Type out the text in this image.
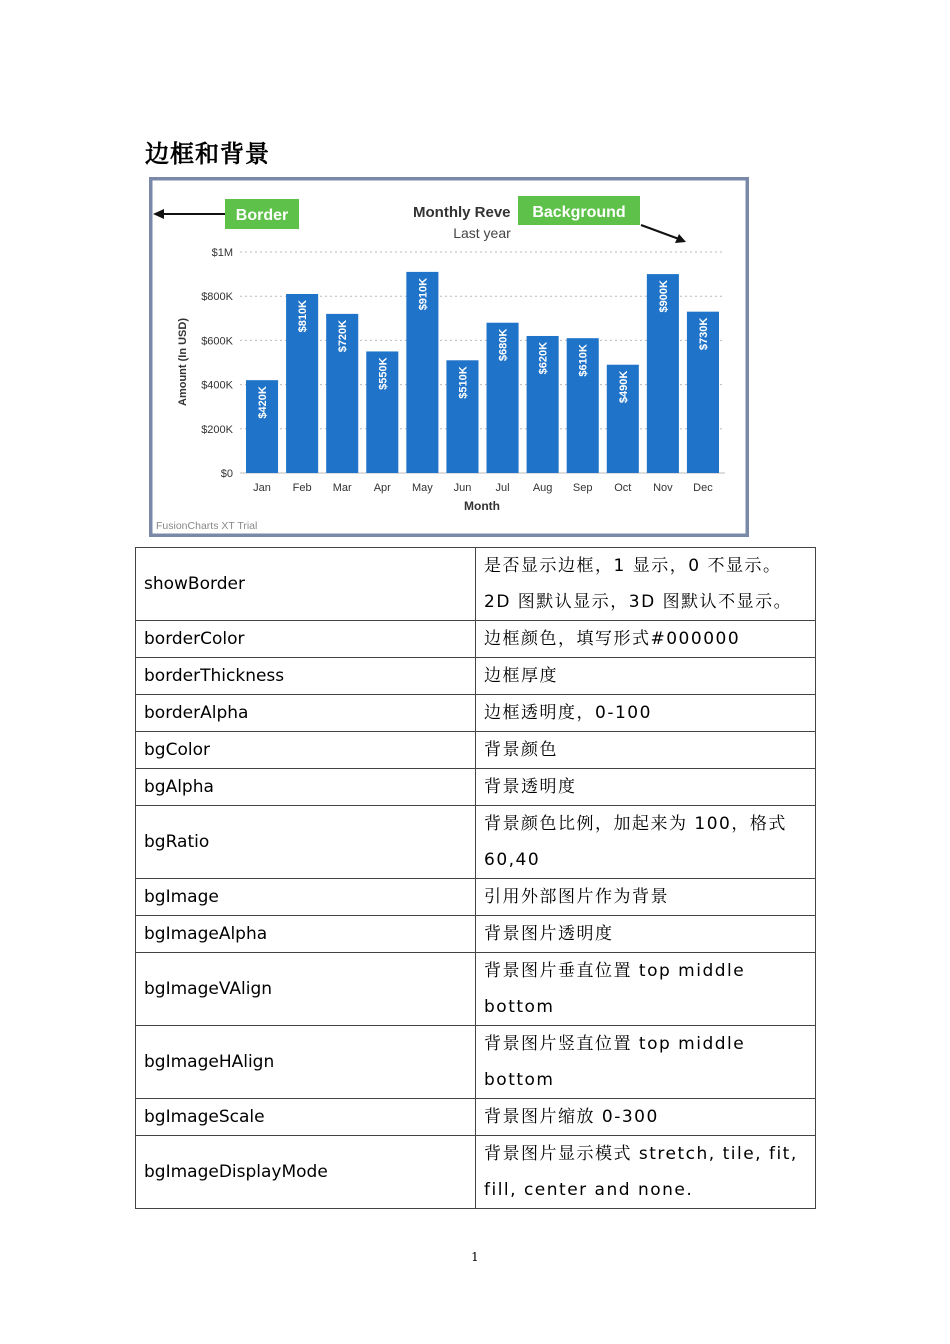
边框和背景
$0
$200K
$400K
$600K
$800K
$1M
$420K
Jan
$810K
Feb
$720K
Mar
$550K
Apr
$910K
May
$510K
Jun
$680K
Jul
$620K
Aug
$610K
Sep
$490K
Oct
$900K
Nov
$730K
Dec
Monthly Reve
Last year
Amount (In USD)
Month
FusionCharts XT Trial
Border	Background
showBorder	是否显示边框，1 显示，0 不显示。2D 图默认显示，3D 图默认不显示。
borderColor	边框颜色，填写形式#000000
borderThickness	边框厚度
borderAlpha	边框透明度，0-100
bgColor	背景颜色
bgAlpha	背景透明度
bgRatio	背景颜色比例，加起来为 100，格式 60,40
bgImage	引用外部图片作为背景
bgImageAlpha	背景图片透明度
bgImageVAlign	背景图片垂直位置 top middle bottom
bgImageHAlign	背景图片竖直位置 top middle bottom
bgImageScale	背景图片缩放 0-300
bgImageDisplayMode	背景图片显示模式 stretch, tile, fit, fill, center and none.
1
